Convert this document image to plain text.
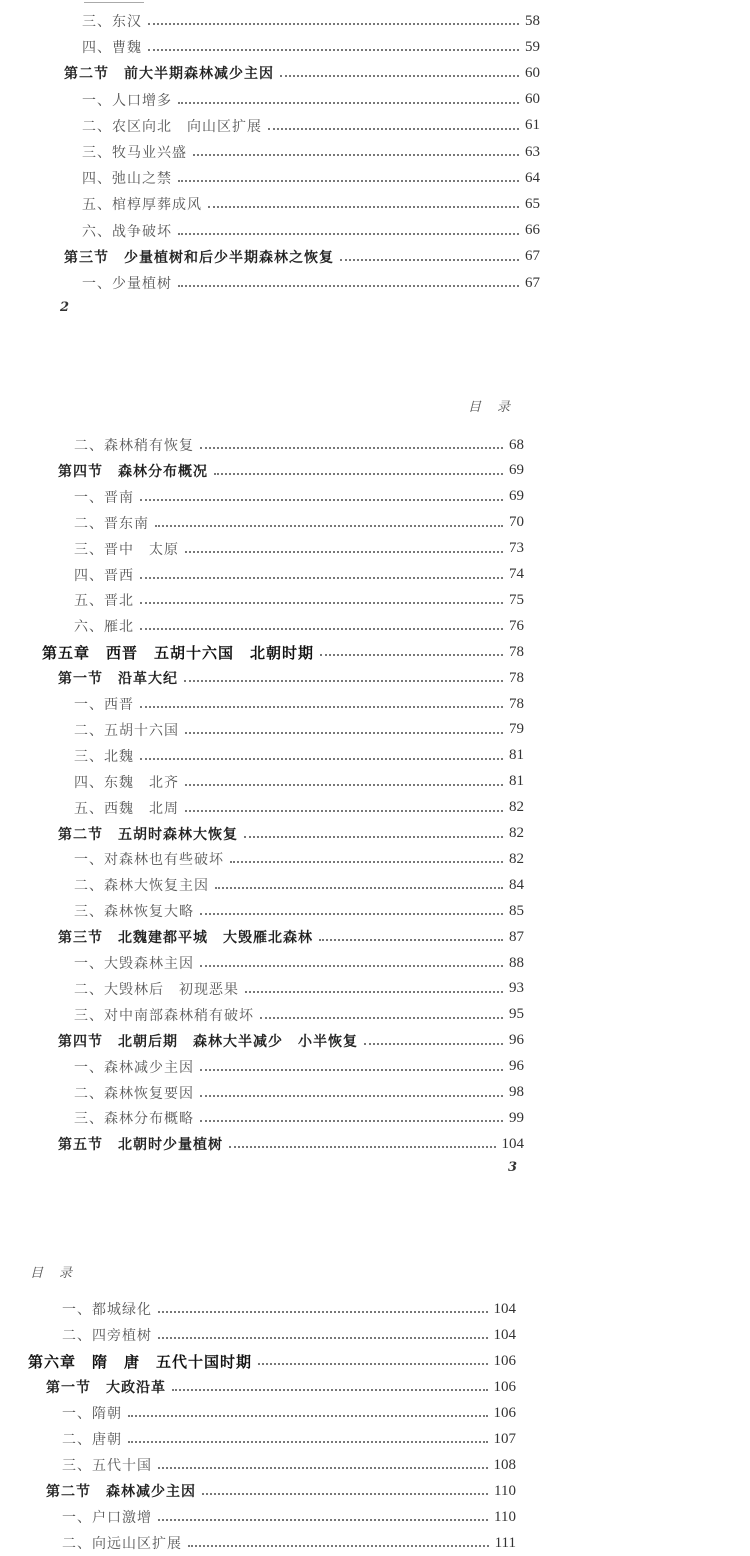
三、东汉	58
四、曹魏	59
第二节　前大半期森林减少主因	60
一、人口增多	60
二、农区向北　向山区扩展	61
三、牧马业兴盛	63
四、弛山之禁	64
五、棺椁厚葬成风	65
六、战争破坏	66
第三节　少量植树和后少半期森林之恢复	67
一、少量植树	67
2
目录
二、森林稍有恢复	68
第四节　森林分布概况	69
一、晋南	69
二、晋东南	70
三、晋中　太原	73
四、晋西	74
五、晋北	75
六、雁北	76
第五章　西晋　五胡十六国　北朝时期	78
第一节　沿革大纪	78
一、西晋	78
二、五胡十六国	79
三、北魏	81
四、东魏　北齐	81
五、西魏　北周	82
第二节　五胡时森林大恢复	82
一、对森林也有些破坏	82
二、森林大恢复主因	84
三、森林恢复大略	85
第三节　北魏建都平城　大毁雁北森林	87
一、大毁森林主因	88
二、大毁林后　初现恶果	93
三、对中南部森林稍有破坏	95
第四节　北朝后期　森林大半减少　小半恢复	96
一、森林减少主因	96
二、森林恢复要因	98
三、森林分布概略	99
第五节　北朝时少量植树	104
3
目录
一、都城绿化	104
二、四旁植树	104
第六章　隋　唐　五代十国时期	106
第一节　大政沿革	106
一、隋朝	106
二、唐朝	107
三、五代十国	108
第二节　森林减少主因	110
一、户口激增	110
二、向远山区扩展	111
